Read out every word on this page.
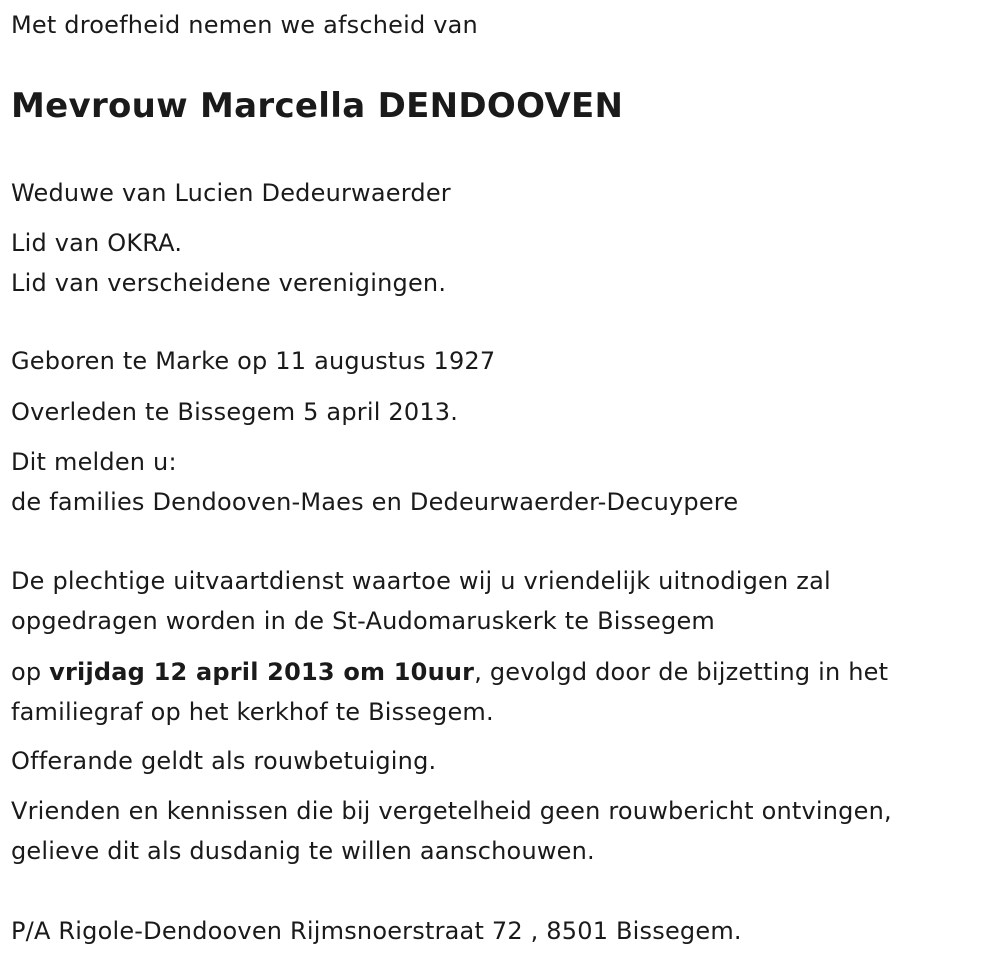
Met droefheid nemen we afscheid van
Mevrouw Marcella DENDOOVEN
Weduwe van Lucien Dedeurwaerder
Lid van OKRA.
Lid van verscheidene verenigingen.
Geboren te Marke op 11 augustus 1927
Overleden te Bissegem 5 april 2013.
Dit melden u:
de families Dendooven-Maes en Dedeurwaerder-Decuypere
De plechtige uitvaartdienst waartoe wij u vriendelijk uitnodigen zal
opgedragen worden in de St-Audomaruskerk te Bissegem
op vrijdag 12 april 2013 om 10uur, gevolgd door de bijzetting in het
familiegraf op het kerkhof te Bissegem.
Offerande geldt als rouwbetuiging.
Vrienden en kennissen die bij vergetelheid geen rouwbericht ontvingen,
gelieve dit als dusdanig te willen aanschouwen.
P/A Rigole-Dendooven Rijmsnoerstraat 72 , 8501 Bissegem.
